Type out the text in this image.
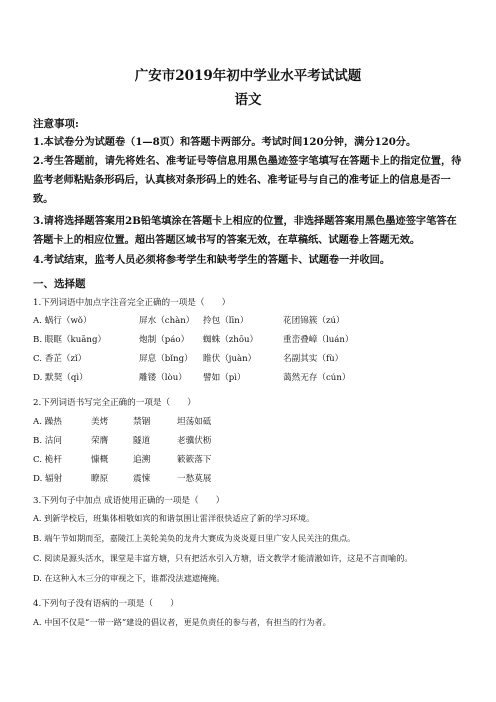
广安市2019年初中学业水平考试试题
语文
注意事项:
1.本试卷分为试题卷（1—8页）和答题卡两部分。考试时间120分钟，满分120分。
2.考生答题前，请先将姓名、准考证号等信息用黑色墨迹签字笔填写在答题卡上的指定位置，待监考老师粘贴条形码后，认真核对条形码上的姓名、准考证号与自己的准考证上的信息是否一致。
3.请将选择题答案用2B铅笔填涂在答题卡上相应的位置，非选择题答案用黑色墨迹签字笔答在答题卡上的相应位置。超出答题区域书写的答案无效，在草稿纸、试题卷上答题无效。
4.考试结束，监考人员必须将参考学生和缺考学生的答题卡、试题卷一并收回。
一、选择题
1.下列词语中加点字注音完全正确的一项是（　　）
A. 蜗行（wǒ）	屏水（chàn） 拎包（līn）	花团锦簇（zú）
B. 眼眶（kuāng）	炮制（páo） 蜘蛛（zhōu）	重峦叠嶂（luán）
C. 香芷（zǐ）	屏息（bǐng） 睢伏（juàn）	名副其实（fù）
D. 默契（qì）	雕镂（lòu） 譬如（pì）	蔼然无存（cún）
2.下列词语书写完全正确的一项是（　　）
A. 躁热	美烤	禁锢	坦荡如砥
B. 沽问	荣膺	隧道	老骥伏枥
C. 桅杆	慷概	追溯	簌簌落下
D. 辐射	瞭原	震悚	一愁莫展
3.下列句子中加点 成语使用正确的一项是（　　）
A. 到新学校后，班集体相敬如宾的和谐氛围让雷洋很快适应了新的学习环境。
B. 端午节如期而至，嘉陵江上美轮美奂的龙舟大赛成为炎炎夏日里广安人民关注的焦点。
C. 阅读是源头活水，课堂是丰富方塘，只有把活水引入方塘，语文教学才能清澈如许，这是不言而喻的。
D. 在这种入木三分的审视之下，谁都没法遮遮掩掩。
4.下列句子没有语病的一项是（　　）
A. 中国不仅是“一带一路”建设的倡议者，更是负责任的参与者，有担当的行为者。
